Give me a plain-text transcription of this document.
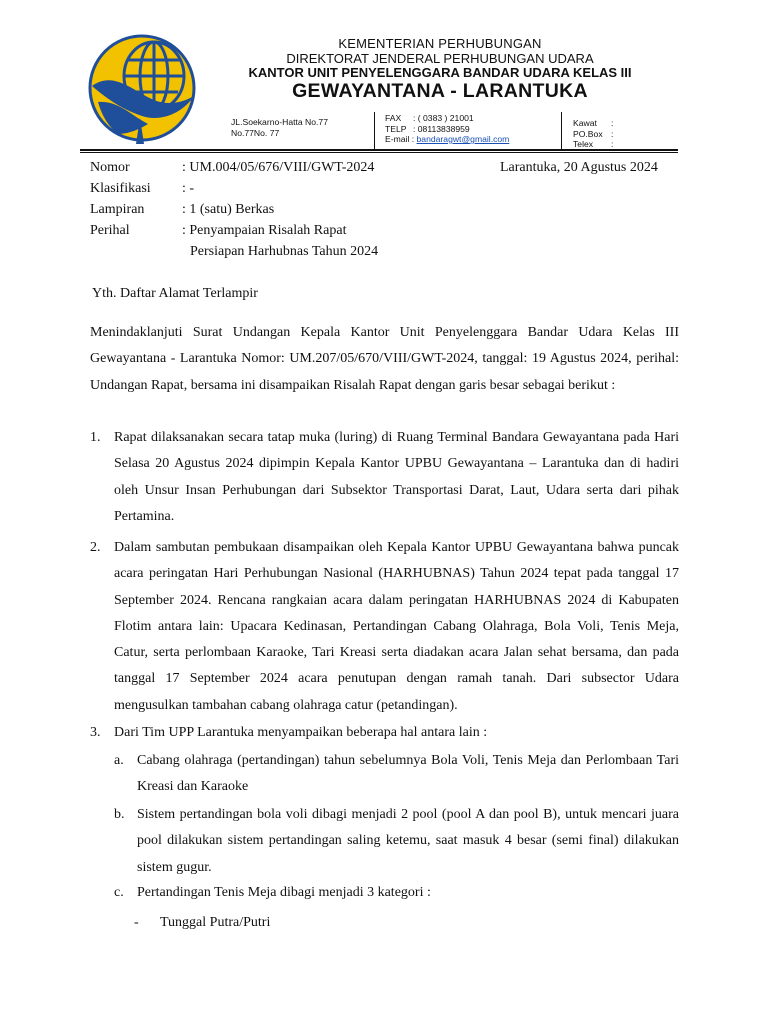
KEMENTERIAN PERHUBUNGAN
DIREKTORAT JENDERAL PERHUBUNGAN UDARA
KANTOR UNIT PENYELENGGARA BANDAR UDARA KELAS III
GEWAYANTANA - LARANTUKA
JL.Soekarno-Hatta No.77
No.77No. 77
FAX : ( 0383 ) 21001
TELP : 08113838959
E-mail : bandaragwt@gmail.com
Kawat :
PO.Box :
Telex :
Nomor	: UM.004/05/676/VIII/GWT-2024	Larantuka, 20 Agustus 2024
Klasifikasi : -
Lampiran	: 1 (satu) Berkas
Perihal	: Penyampaian Risalah Rapat
Persiapan Harhubnas Tahun 2024
Yth. Daftar Alamat Terlampir

Menindaklanjuti Surat Undangan Kepala Kantor Unit Penyelenggara Bandar Udara Kelas III Gewayantana - Larantuka Nomor: UM.207/05/670/VIII/GWT-2024, tanggal: 19 Agustus 2024, perihal: Undangan Rapat, bersama ini disampaikan Risalah Rapat dengan garis besar sebagai berikut :

1. Rapat dilaksanakan secara tatap muka (luring) di Ruang Terminal Bandara Gewayantana pada Hari Selasa 20 Agustus 2024 dipimpin Kepala Kantor UPBU Gewayantana – Larantuka dan di hadiri oleh Unsur Insan Perhubungan dari Subsektor Transportasi Darat, Laut, Udara serta dari pihak Pertamina.

2. Dalam sambutan pembukaan disampaikan oleh Kepala Kantor UPBU Gewayantana bahwa puncak acara peringatan Hari Perhubungan Nasional (HARHUBNAS) Tahun 2024 tepat pada tanggal 17 September 2024. Rencana rangkaian acara dalam peringatan HARHUBNAS 2024 di Kabupaten Flotim antara lain: Upacara Kedinasan, Pertandingan Cabang Olahraga, Bola Voli, Tenis Meja, Catur, serta perlombaan Karaoke, Tari Kreasi serta diadakan acara Jalan sehat bersama, dan pada tanggal 17 September 2024 acara penutupan dengan ramah tanah. Dari subsector Udara mengusulkan tambahan cabang olahraga catur (petandingan).

3. Dari Tim UPP Larantuka menyampaikan beberapa hal antara lain :

a. Cabang olahraga (pertandingan) tahun sebelumnya Bola Voli, Tenis Meja dan Perlombaan Tari Kreasi dan Karaoke

b. Sistem pertandingan bola voli dibagi menjadi 2 pool (pool A dan pool B), untuk mencari juara pool dilakukan sistem pertandingan saling ketemu, saat masuk 4 besar (semi final) dilakukan sistem gugur.

c. Pertandingan Tenis Meja dibagi menjadi 3 kategori :

- Tunggal Putra/Putri
